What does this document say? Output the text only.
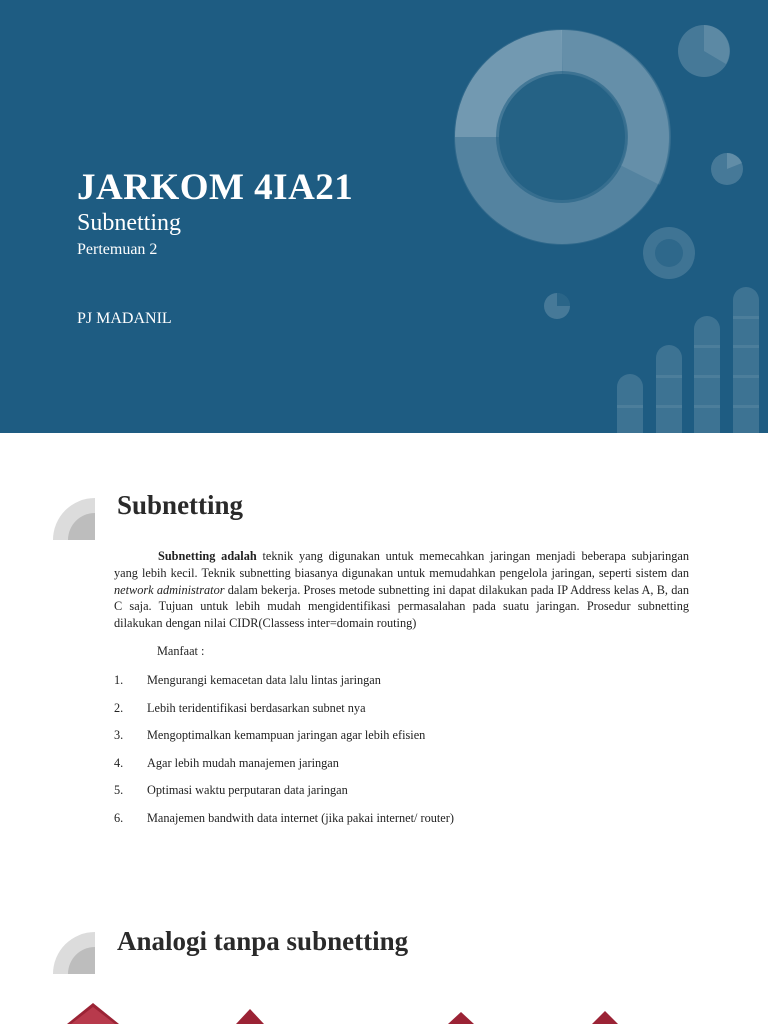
JARKOM 4IA21

Subnetting

Pertemuan 2

PJ MADANIL

Subnetting

Subnetting adalah teknik yang digunakan untuk memecahkan jaringan menjadi beberapa subjaringan yang lebih kecil. Teknik subnetting biasanya digunakan untuk memudahkan pengelola jaringan, seperti sistem dan network administrator dalam bekerja. Proses metode subnetting ini dapat dilakukan pada IP Address kelas A, B, dan C saja. Tujuan untuk lebih mudah mengidentifikasi permasalahan pada suatu jaringan. Prosedur subnetting dilakukan dengan nilai CIDR(Classess inter=domain routing)

Manfaat :

1. Mengurangi kemacetan data lalu lintas jaringan
2. Lebih teridentifikasi berdasarkan subnet nya
3. Mengoptimalkan kemampuan jaringan agar lebih efisien
4. Agar lebih mudah manajemen jaringan
5. Optimasi waktu perputaran data jaringan
6. Manajemen bandwith data internet (jika pakai internet/ router)
Analogi tanpa subnetting
